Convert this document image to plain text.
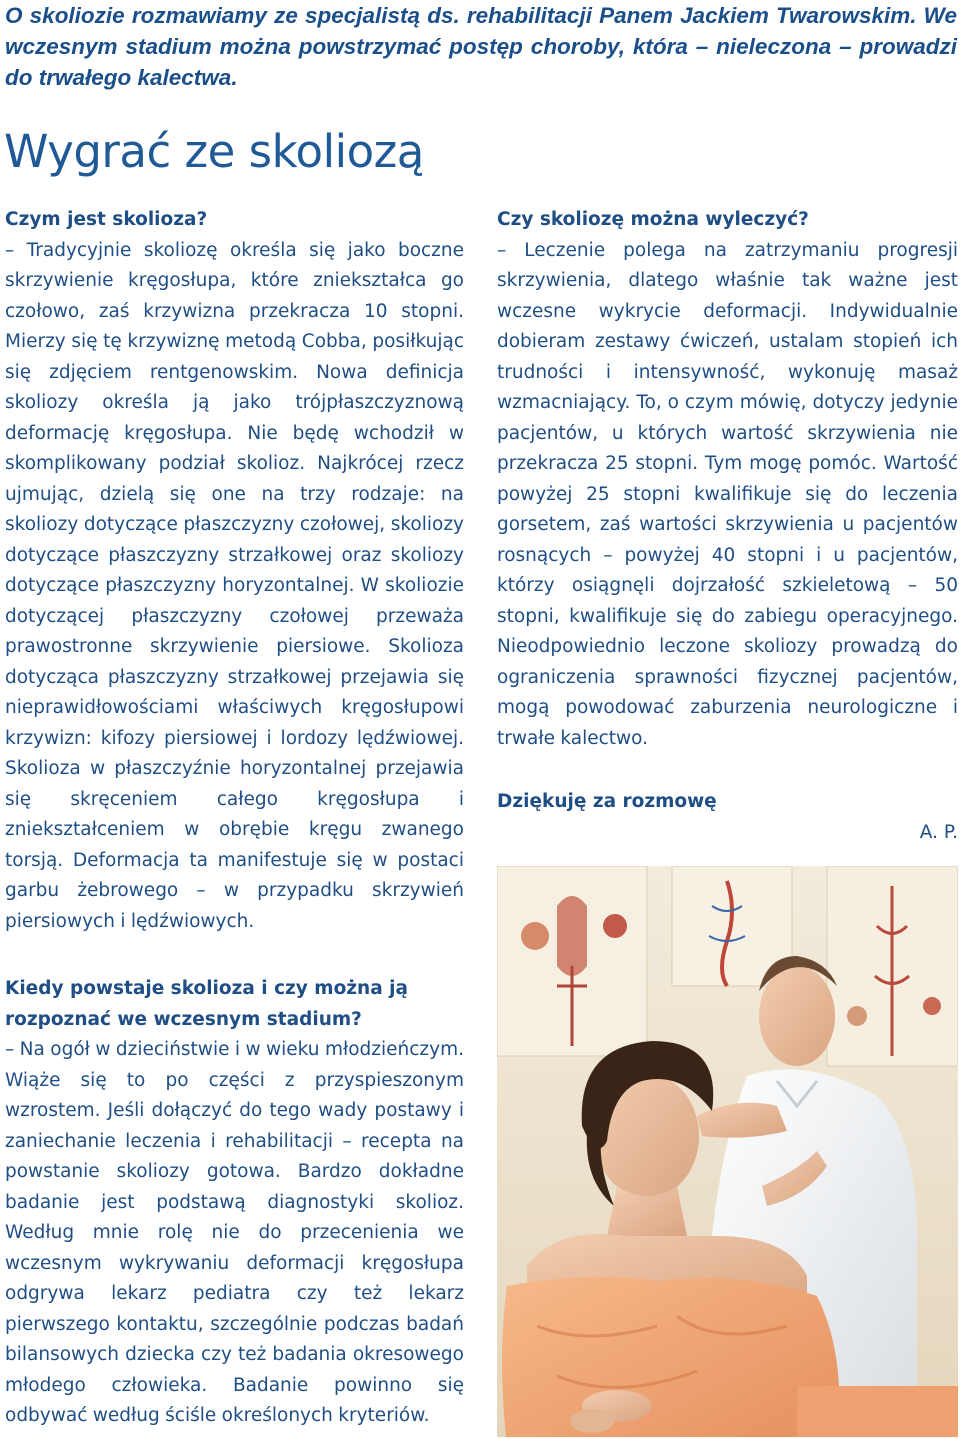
O skoliozie rozmawiamy ze specjalistą ds. rehabilitacji Panem Jackiem Twarowskim. We wczesnym stadium można powstrzymać postęp choroby, która – nieleczona – prowadzi do trwałego kalectwa.
Wygrać ze skoliozą

Czym jest skolioza?

– Tradycyjnie skoliozę określa się jako boczne skrzywienie kręgosłupa, które zniekształca go czołowo, zaś krzywizna przekracza 10 stopni. Mierzy się tę krzywiznę metodą Cobba, posiłkując się zdjęciem rentgenowskim. Nowa definicja skoliozy określa ją jako trójpłaszczyznową deformację kręgosłupa. Nie będę wchodził w skomplikowany podział skolioz. Najkrócej rzecz ujmując, dzielą się one na trzy rodzaje: na skoliozy dotyczące płaszczyzny czołowej, skoliozy dotyczące płaszczyzny strzałkowej oraz skoliozy dotyczące płaszczyzny horyzontalnej. W skoliozie dotyczącej płaszczyzny czołowej przeważa prawostronne skrzywienie piersiowe. Skolioza dotycząca płaszczyzny strzałkowej przejawia się nieprawidłowościami właściwych kręgosłupowi krzywizn: kifozy piersiowej i lordozy lędźwiowej. Skolioza w płaszczyźnie horyzontalnej przejawia się skręceniem całego kręgosłupa i zniekształceniem w obrębie kręgu zwanego torsją. Deformacja ta manifestuje się w postaci garbu żebrowego – w przypadku skrzywień piersiowych i lędźwiowych.

Kiedy powstaje skolioza i czy można ją rozpoznać we wczesnym stadium?

– Na ogół w dzieciństwie i w wieku młodzieńczym. Wiąże się to po części z przyspieszonym wzrostem. Jeśli dołączyć do tego wady postawy i zaniechanie leczenia i rehabilitacji – recepta na powstanie skoliozy gotowa. Bardzo dokładne badanie jest podstawą diagnostyki skolioz. Według mnie rolę nie do przecenienia we wczesnym wykrywaniu deformacji kręgosłupa odgrywa lekarz pediatra czy też lekarz pierwszego kontaktu, szczególnie podczas badań bilansowych dziecka czy też badania okresowego młodego człowieka. Badanie powinno się odbywać według ściśle określonych kryteriów.

Czy skoliozę można wyleczyć?

– Leczenie polega na zatrzymaniu progresji skrzywienia, dlatego właśnie tak ważne jest wczesne wykrycie deformacji. Indywidualnie dobieram zestawy ćwiczeń, ustalam stopień ich trudności i intensywność, wykonuję masaż wzmacniający. To, o czym mówię, dotyczy jedynie pacjentów, u których wartość skrzywienia nie przekracza 25 stopni. Tym mogę pomóc. Wartość powyżej 25 stopni kwalifikuje się do leczenia gorsetem, zaś wartości skrzywienia u pacjentów rosnących – powyżej 40 stopni i u pacjentów, którzy osiągnęli dojrzałość szkieletową – 50 stopni, kwalifikuje się do zabiegu operacyjnego. Nieodpowiednio leczone skoliozy prowadzą do ograniczenia sprawności fizycznej pacjentów, mogą powodować zaburzenia neurologiczne i trwałe kalectwo.

Dziękuję za rozmowę
A. P.
